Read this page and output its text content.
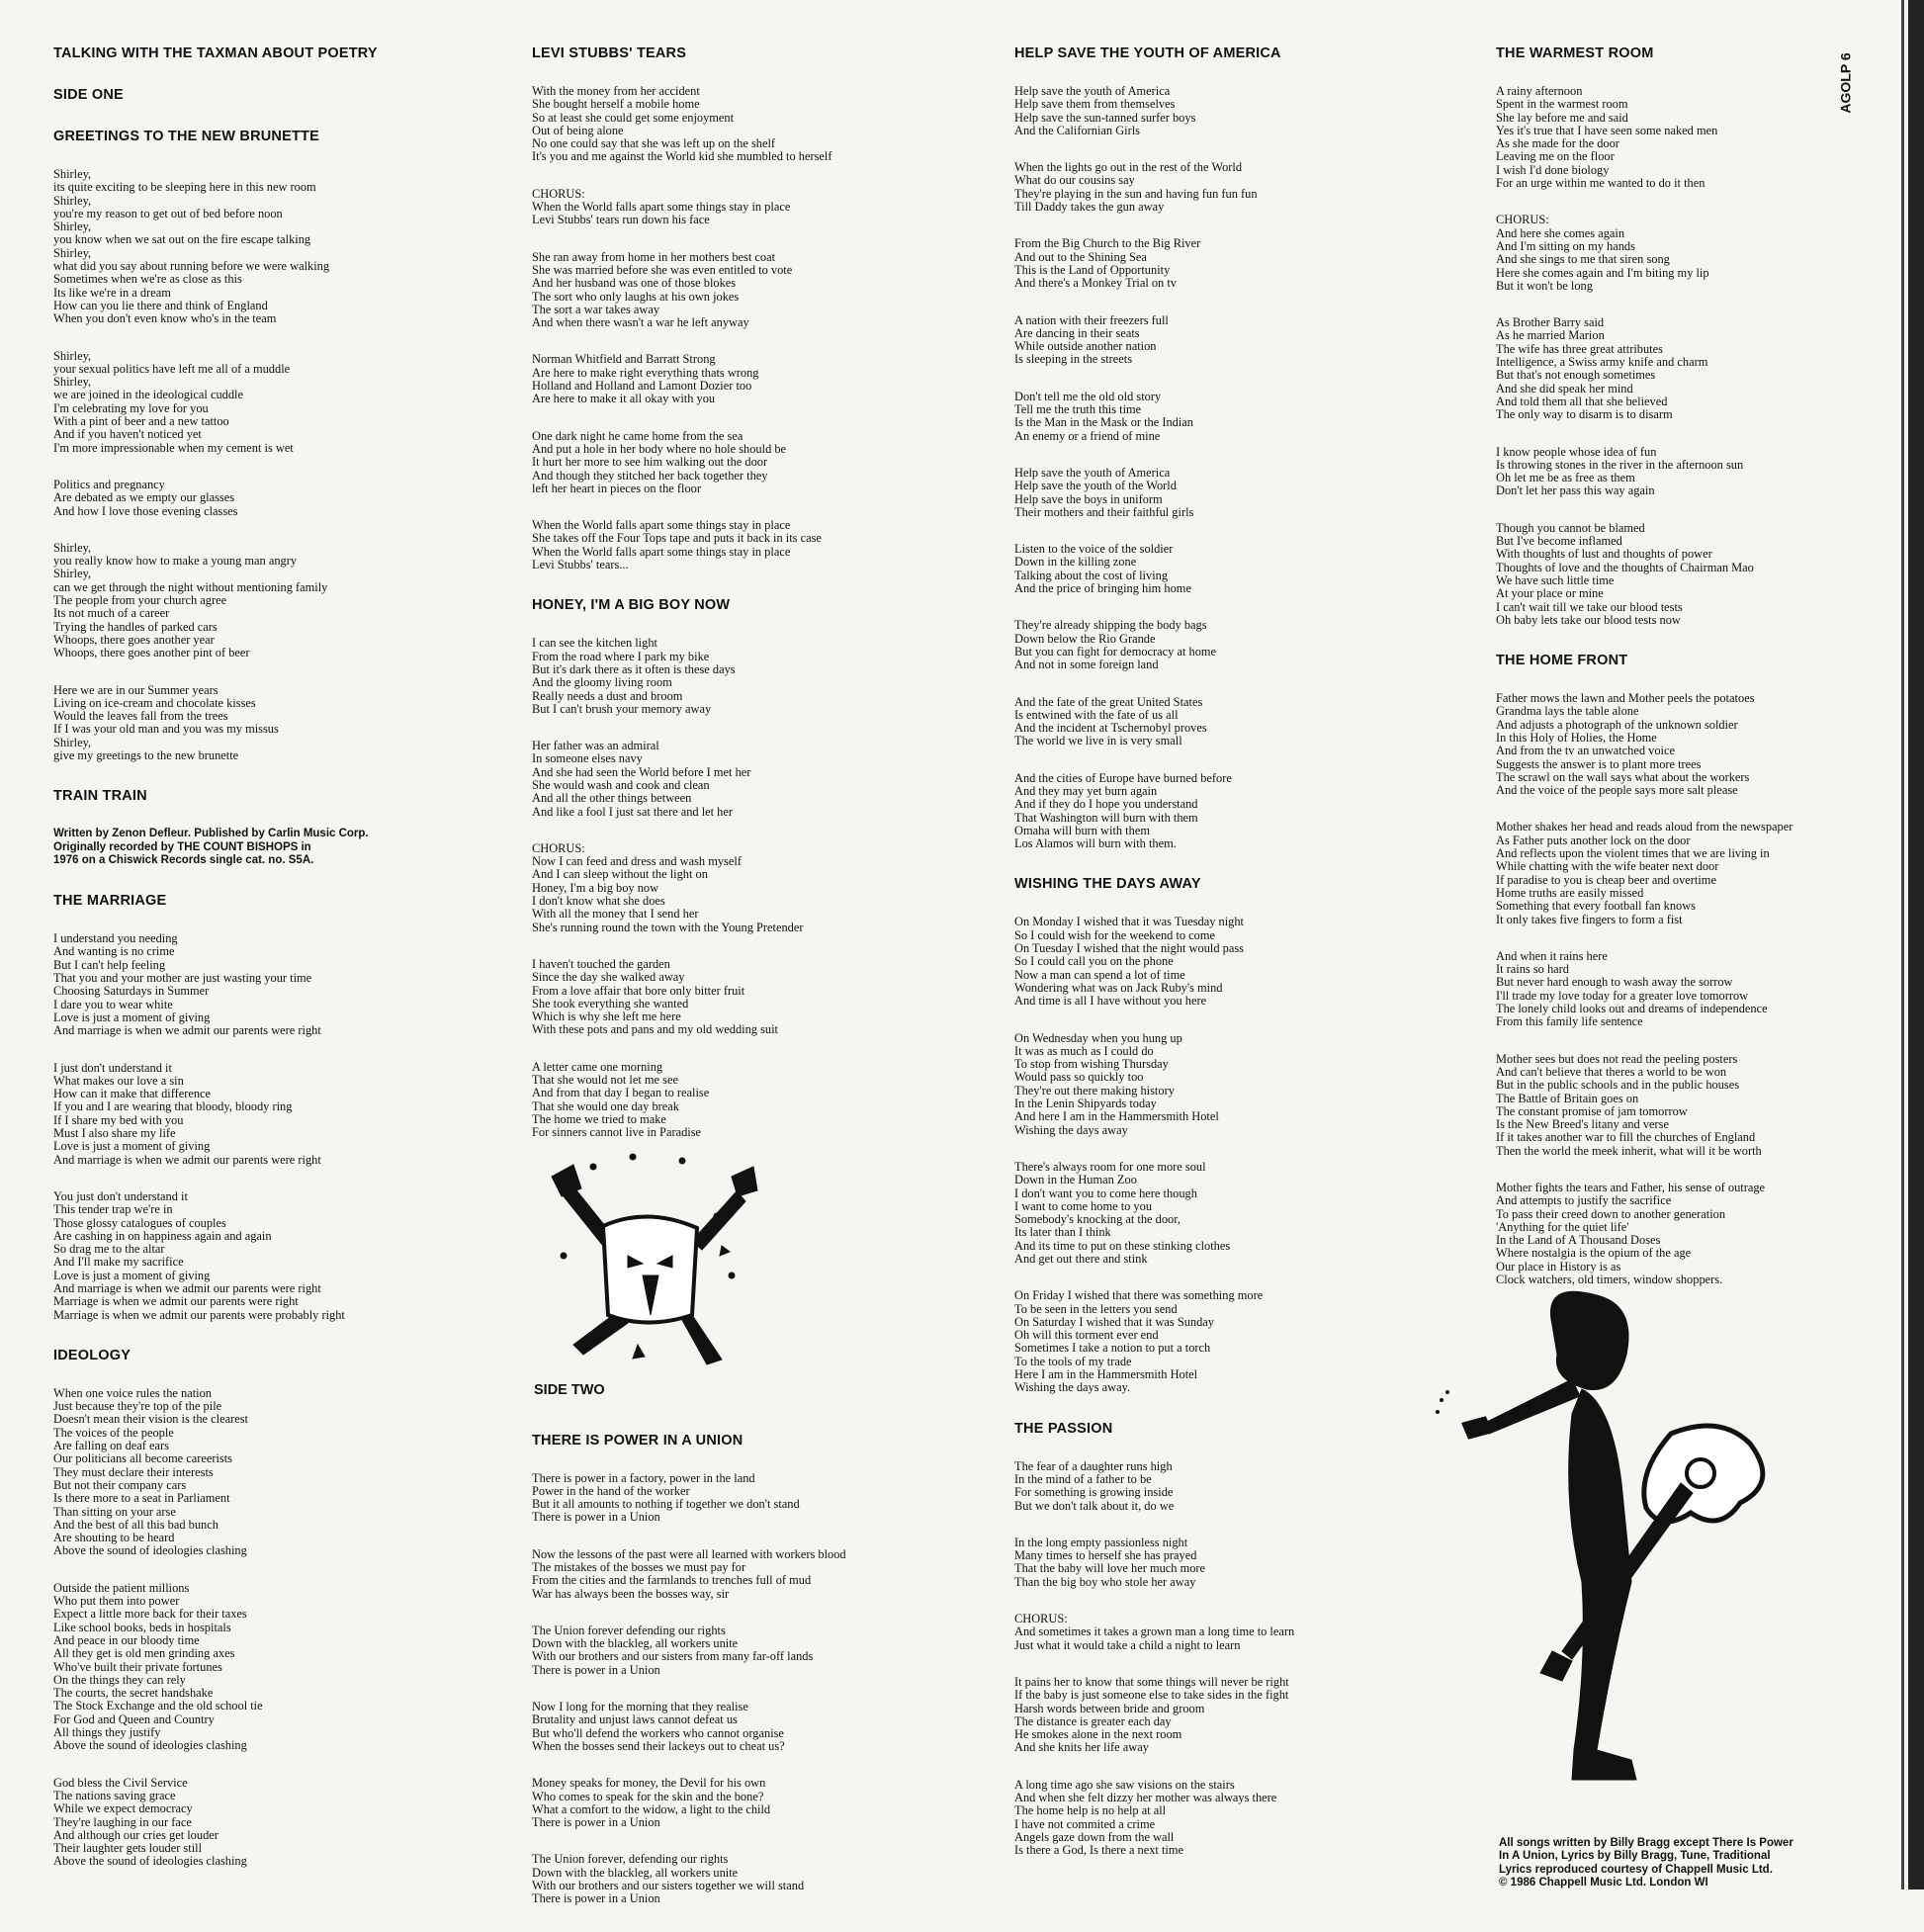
AGOLP 6
TALKING WITH THE TAXMAN ABOUT POETRY
SIDE ONE
GREETINGS TO THE NEW BRUNETTE
Shirley,
its quite exciting to be sleeping here in this new room
Shirley,
you're my reason to get out of bed before noon
Shirley,
you know when we sat out on the fire escape talking
Shirley,
what did you say about running before we were walking
Sometimes when we're as close as this
Its like we're in a dream
How can you lie there and think of England
When you don't even know who's in the team
Shirley,
your sexual politics have left me all of a muddle
Shirley,
we are joined in the ideological cuddle
I'm celebrating my love for you
With a pint of beer and a new tattoo
And if you haven't noticed yet
I'm more impressionable when my cement is wet
Politics and pregnancy
Are debated as we empty our glasses
And how I love those evening classes
Shirley,
you really know how to make a young man angry
Shirley,
can we get through the night without mentioning family
The people from your church agree
Its not much of a career
Trying the handles of parked cars
Whoops, there goes another year
Whoops, there goes another pint of beer
Here we are in our Summer years
Living on ice-cream and chocolate kisses
Would the leaves fall from the trees
If I was your old man and you was my missus
Shirley,
give my greetings to the new brunette
TRAIN TRAIN
Written by Zenon Defleur. Published by Carlin Music Corp.
Originally recorded by THE COUNT BISHOPS in
1976 on a Chiswick Records single cat. no. S5A.
THE MARRIAGE
I understand you needing
And wanting is no crime
But I can't help feeling
That you and your mother are just wasting your time
Choosing Saturdays in Summer
I dare you to wear white
Love is just a moment of giving
And marriage is when we admit our parents were right
I just don't understand it
What makes our love a sin
How can it make that difference
If you and I are wearing that bloody, bloody ring
If I share my bed with you
Must I also share my life
Love is just a moment of giving
And marriage is when we admit our parents were right
You just don't understand it
This tender trap we're in
Those glossy catalogues of couples
Are cashing in on happiness again and again
So drag me to the altar
And I'll make my sacrifice
Love is just a moment of giving
And marriage is when we admit our parents were right
Marriage is when we admit our parents were right
Marriage is when we admit our parents were probably right
IDEOLOGY
When one voice rules the nation
Just because they're top of the pile
Doesn't mean their vision is the clearest
The voices of the people
Are falling on deaf ears
Our politicians all become careerists
They must declare their interests
But not their company cars
Is there more to a seat in Parliament
Than sitting on your arse
And the best of all this bad bunch
Are shouting to be heard
Above the sound of ideologies clashing
Outside the patient millions
Who put them into power
Expect a little more back for their taxes
Like school books, beds in hospitals
And peace in our bloody time
All they get is old men grinding axes
Who've built their private fortunes
On the things they can rely
The courts, the secret handshake
The Stock Exchange and the old school tie
For God and Queen and Country
All things they justify
Above the sound of ideologies clashing
God bless the Civil Service
The nations saving grace
While we expect democracy
They're laughing in our face
And although our cries get louder
Their laughter gets louder still
Above the sound of ideologies clashing
LEVI STUBBS' TEARS
With the money from her accident
She bought herself a mobile home
So at least she could get some enjoyment
Out of being alone
No one could say that she was left up on the shelf
It's you and me against the World kid she mumbled to herself
CHORUS:
When the World falls apart some things stay in place
Levi Stubbs' tears run down his face
She ran away from home in her mothers best coat
She was married before she was even entitled to vote
And her husband was one of those blokes
The sort who only laughs at his own jokes
The sort a war takes away
And when there wasn't a war he left anyway
Norman Whitfield and Barratt Strong
Are here to make right everything thats wrong
Holland and Holland and Lamont Dozier too
Are here to make it all okay with you
One dark night he came home from the sea
And put a hole in her body where no hole should be
It hurt her more to see him walking out the door
And though they stitched her back together they
left her heart in pieces on the floor
When the World falls apart some things stay in place
She takes off the Four Tops tape and puts it back in its case
When the World falls apart some things stay in place
Levi Stubbs' tears...
HONEY, I'M A BIG BOY NOW
I can see the kitchen light
From the road where I park my bike
But it's dark there as it often is these days
And the gloomy living room
Really needs a dust and broom
But I can't brush your memory away
Her father was an admiral
In someone elses navy
And she had seen the World before I met her
She would wash and cook and clean
And all the other things between
And like a fool I just sat there and let her
CHORUS:
Now I can feed and dress and wash myself
And I can sleep without the light on
Honey, I'm a big boy now
I don't know what she does
With all the money that I send her
She's running round the town with the Young Pretender
I haven't touched the garden
Since the day she walked away
From a love affair that bore only bitter fruit
She took everything she wanted
Which is why she left me here
With these pots and pans and my old wedding suit
A letter came one morning
That she would not let me see
And from that day I began to realise
That she would one day break
The home we tried to make
For sinners cannot live in Paradise
THERE IS POWER IN A UNION
There is power in a factory, power in the land
Power in the hand of the worker
But it all amounts to nothing if together we don't stand
There is power in a Union
Now the lessons of the past were all learned with workers blood
The mistakes of the bosses we must pay for
From the cities and the farmlands to trenches full of mud
War has always been the bosses way, sir
The Union forever defending our rights
Down with the blackleg, all workers unite
With our brothers and our sisters from many far-off lands
There is power in a Union
Now I long for the morning that they realise
Brutality and unjust laws cannot defeat us
But who'll defend the workers who cannot organise
When the bosses send their lackeys out to cheat us?
Money speaks for money, the Devil for his own
Who comes to speak for the skin and the bone?
What a comfort to the widow, a light to the child
There is power in a Union
The Union forever, defending our rights
Down with the blackleg, all workers unite
With our brothers and our sisters together we will stand
There is power in a Union
HELP SAVE THE YOUTH OF AMERICA
Help save the youth of America
Help save them from themselves
Help save the sun-tanned surfer boys
And the Californian Girls
When the lights go out in the rest of the World
What do our cousins say
They're playing in the sun and having fun fun fun
Till Daddy takes the gun away
From the Big Church to the Big River
And out to the Shining Sea
This is the Land of Opportunity
And there's a Monkey Trial on tv
A nation with their freezers full
Are dancing in their seats
While outside another nation
Is sleeping in the streets
Don't tell me the old old story
Tell me the truth this time
Is the Man in the Mask or the Indian
An enemy or a friend of mine
Help save the youth of America
Help save the youth of the World
Help save the boys in uniform
Their mothers and their faithful girls
Listen to the voice of the soldier
Down in the killing zone
Talking about the cost of living
And the price of bringing him home
They're already shipping the body bags
Down below the Rio Grande
But you can fight for democracy at home
And not in some foreign land
And the fate of the great United States
Is entwined with the fate of us all
And the incident at Tschernobyl proves
The world we live in is very small
And the cities of Europe have burned before
And they may yet burn again
And if they do I hope you understand
That Washington will burn with them
Omaha will burn with them
Los Alamos will burn with them.
WISHING THE DAYS AWAY
On Monday I wished that it was Tuesday night
So I could wish for the weekend to come
On Tuesday I wished that the night would pass
So I could call you on the phone
Now a man can spend a lot of time
Wondering what was on Jack Ruby's mind
And time is all I have without you here
On Wednesday when you hung up
It was as much as I could do
To stop from wishing Thursday
Would pass so quickly too
They're out there making history
In the Lenin Shipyards today
And here I am in the Hammersmith Hotel
Wishing the days away
There's always room for one more soul
Down in the Human Zoo
I don't want you to come here though
I want to come home to you
Somebody's knocking at the door,
Its later than I think
And its time to put on these stinking clothes
And get out there and stink
On Friday I wished that there was something more
To be seen in the letters you send
On Saturday I wished that it was Sunday
Oh will this torment ever end
Sometimes I take a notion to put a torch
To the tools of my trade
Here I am in the Hammersmith Hotel
Wishing the days away.
THE PASSION
The fear of a daughter runs high
In the mind of a father to be
For something is growing inside
But we don't talk about it, do we
In the long empty passionless night
Many times to herself she has prayed
That the baby will love her much more
Than the big boy who stole her away
CHORUS:
And sometimes it takes a grown man a long time to learn
Just what it would take a child a night to learn
It pains her to know that some things will never be right
If the baby is just someone else to take sides in the fight
Harsh words between bride and groom
The distance is greater each day
He smokes alone in the next room
And she knits her life away
A long time ago she saw visions on the stairs
And when she felt dizzy her mother was always there
The home help is no help at all
I have not commited a crime
Angels gaze down from the wall
Is there a God, Is there a next time
THE WARMEST ROOM
A rainy afternoon
Spent in the warmest room
She lay before me and said
Yes it's true that I have seen some naked men
As she made for the door
Leaving me on the floor
I wish I'd done biology
For an urge within me wanted to do it then
CHORUS:
And here she comes again
And I'm sitting on my hands
And she sings to me that siren song
Here she comes again and I'm biting my lip
But it won't be long
As Brother Barry said
As he married Marion
The wife has three great attributes
Intelligence, a Swiss army knife and charm
But that's not enough sometimes
And she did speak her mind
And told them all that she believed
The only way to disarm is to disarm
I know people whose idea of fun
Is throwing stones in the river in the afternoon sun
Oh let me be as free as them
Don't let her pass this way again
Though you cannot be blamed
But I've become inflamed
With thoughts of lust and thoughts of power
Thoughts of love and the thoughts of Chairman Mao
We have such little time
At your place or mine
I can't wait till we take our blood tests
Oh baby lets take our blood tests now
THE HOME FRONT
Father mows the lawn and Mother peels the potatoes
Grandma lays the table alone
And adjusts a photograph of the unknown soldier
In this Holy of Holies, the Home
And from the tv an unwatched voice
Suggests the answer is to plant more trees
The scrawl on the wall says what about the workers
And the voice of the people says more salt please
Mother shakes her head and reads aloud from the newspaper
As Father puts another lock on the door
And reflects upon the violent times that we are living in
While chatting with the wife beater next door
If paradise to you is cheap beer and overtime
Home truths are easily missed
Something that every football fan knows
It only takes five fingers to form a fist
And when it rains here
It rains so hard
But never hard enough to wash away the sorrow
I'll trade my love today for a greater love tomorrow
The lonely child looks out and dreams of independence
From this family life sentence
Mother sees but does not read the peeling posters
And can't believe that theres a world to be won
But in the public schools and in the public houses
The Battle of Britain goes on
The constant promise of jam tomorrow
Is the New Breed's litany and verse
If it takes another war to fill the churches of England
Then the world the meek inherit, what will it be worth
Mother fights the tears and Father, his sense of outrage
And attempts to justify the sacrifice
To pass their creed down to another generation
'Anything for the quiet life'
In the Land of A Thousand Doses
Where nostalgia is the opium of the age
Our place in History is as
Clock watchers, old timers, window shoppers.
SIDE TWO
All songs written by Billy Bragg except There Is Power
In A Union, Lyrics by Billy Bragg, Tune, Traditional
Lyrics reproduced courtesy of Chappell Music Ltd.
© 1986 Chappell Music Ltd. London WI
